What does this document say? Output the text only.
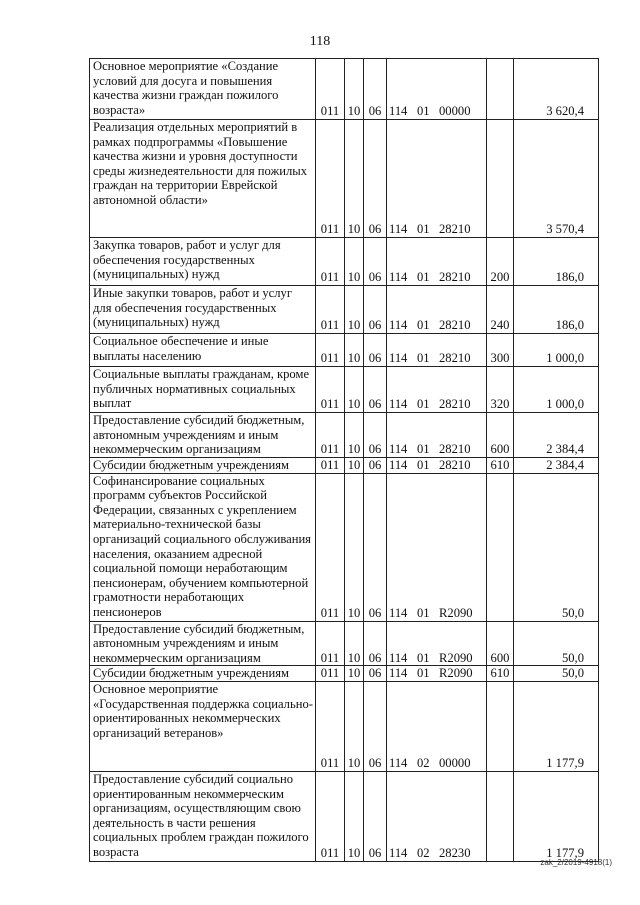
118
Основное мероприятие «Создание условий для досуга и повышения качества жизни граждан пожилого возраста»	011	10	06	114 01 00000		3 620,4
Реализация отдельных мероприятий в рамках подпрограммы «Повышение качества жизни и уровня доступности среды жизнедеятельности для пожилых граждан на территории Еврейской автономной области»	011	10	06	114 01 28210		3 570,4
Закупка товаров, работ и услуг для обеспечения государственных (муниципальных) нужд	011	10	06	114 01 28210	200	186,0
Иные закупки товаров, работ и услуг для обеспечения государственных (муниципальных) нужд	011	10	06	114 01 28210	240	186,0
Социальное обеспечение и иные выплаты населению	011	10	06	114 01 28210	300	1 000,0
Социальные выплаты гражданам, кроме публичных нормативных социальных выплат	011	10	06	114 01 28210	320	1 000,0
Предоставление субсидий бюджетным, автономным учреждениям и иным некоммерческим организациям	011	10	06	114 01 28210	600	2 384,4
Субсидии бюджетным учреждениям	011	10	06	114 01 28210	610	2 384,4
Софинансирование социальных программ субъектов Российской Федерации, связанных с укреплением материально-технической базы организаций социального обслуживания населения, оказанием адресной социальной помощи неработающим пенсионерам, обучением компьютерной грамотности неработающих пенсионеров	011	10	06	114 01 R2090		50,0
Предоставление субсидий бюджетным, автономным учреждениям и иным некоммерческим организациям	011	10	06	114 01 R2090	600	50,0
Субсидии бюджетным учреждениям	011	10	06	114 01 R2090	610	50,0
Основное мероприятие «Государственная поддержка социально-ориентированных некоммерческих организаций ветеранов»	011	10	06	114 02 00000		1 177,9
Предоставление субсидий социально ориентированным некоммерческим организациям, осуществляющим свою деятельность в части решения социальных проблем граждан пожилого возраста	011	10	06	114 02 28230		1 177,9
zak_2/2019-4918(1)
